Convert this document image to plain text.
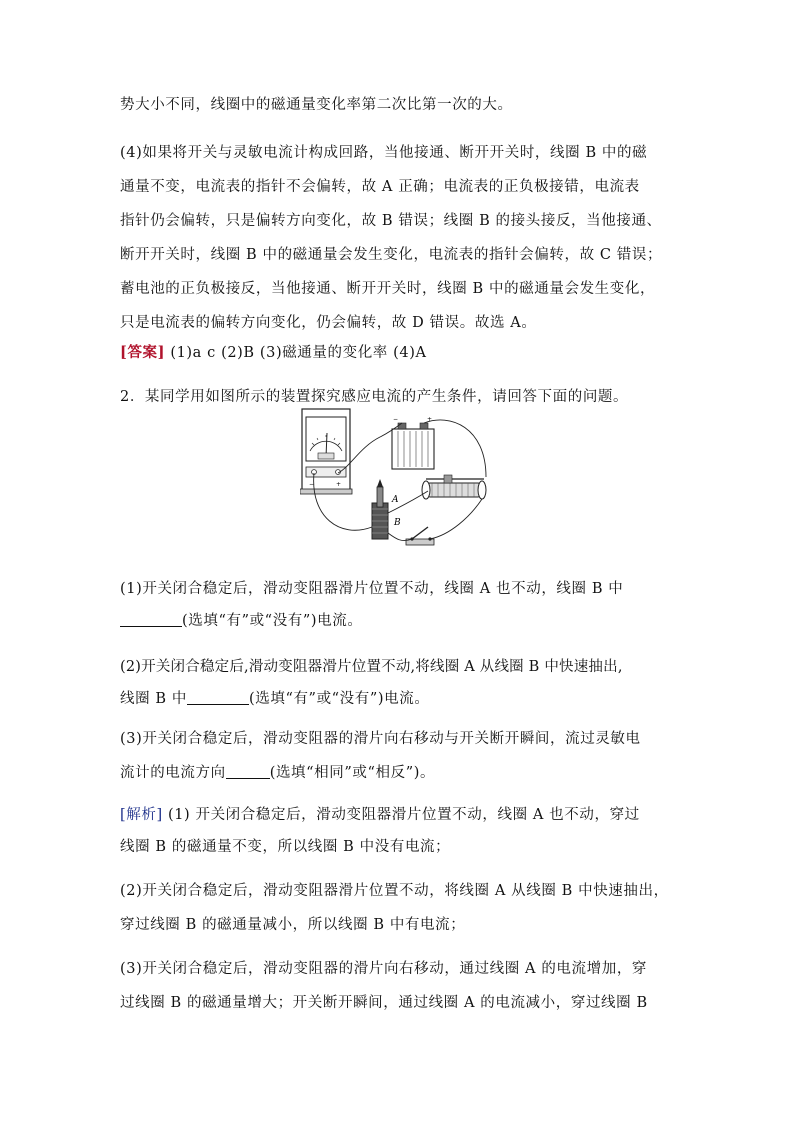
势大小不同，线圈中的磁通量变化率第二次比第一次的大。
(4)如果将开关与灵敏电流计构成回路，当他接通、断开开关时，线圈 B 中的磁
通量不变，电流表的指针不会偏转，故 A 正确；电流表的正负极接错，电流表
指针仍会偏转，只是偏转方向变化，故 B 错误；线圈 B 的接头接反，当他接通、
断开开关时，线圈 B 中的磁通量会发生变化，电流表的指针会偏转，故 C 错误；
蓄电池的正负极接反，当他接通、断开开关时，线圈 B 中的磁通量会发生变化，
只是电流表的偏转方向变化，仍会偏转，故 D 错误。故选 A。
[答案] (1)a c (2)B (3)磁通量的变化率 (4)A
2．某同学用如图所示的装置探究感应电流的产生条件，请回答下面的问题。
−	+
−	+
A
B
(1)开关闭合稳定后，滑动变阻器滑片位置不动，线圈 A 也不动，线圈 B 中
(选填“有”或“没有”)电流。
(2)开关闭合稳定后,滑动变阻器滑片位置不动,将线圈 A 从线圈 B 中快速抽出,
线圈 B 中	(选填“有”或“没有”)电流。
(3)开关闭合稳定后，滑动变阻器的滑片向右移动与开关断开瞬间，流过灵敏电
流计的电流方向	(选填“相同”或“相反”)。
[解析] (1) 开关闭合稳定后，滑动变阻器滑片位置不动，线圈 A 也不动，穿过
线圈 B 的磁通量不变，所以线圈 B 中没有电流；
(2)开关闭合稳定后，滑动变阻器滑片位置不动，将线圈 A 从线圈 B 中快速抽出，
穿过线圈 B 的磁通量减小，所以线圈 B 中有电流；
(3)开关闭合稳定后，滑动变阻器的滑片向右移动，通过线圈 A 的电流增加，穿
过线圈 B 的磁通量增大；开关断开瞬间，通过线圈 A 的电流减小，穿过线圈 B
